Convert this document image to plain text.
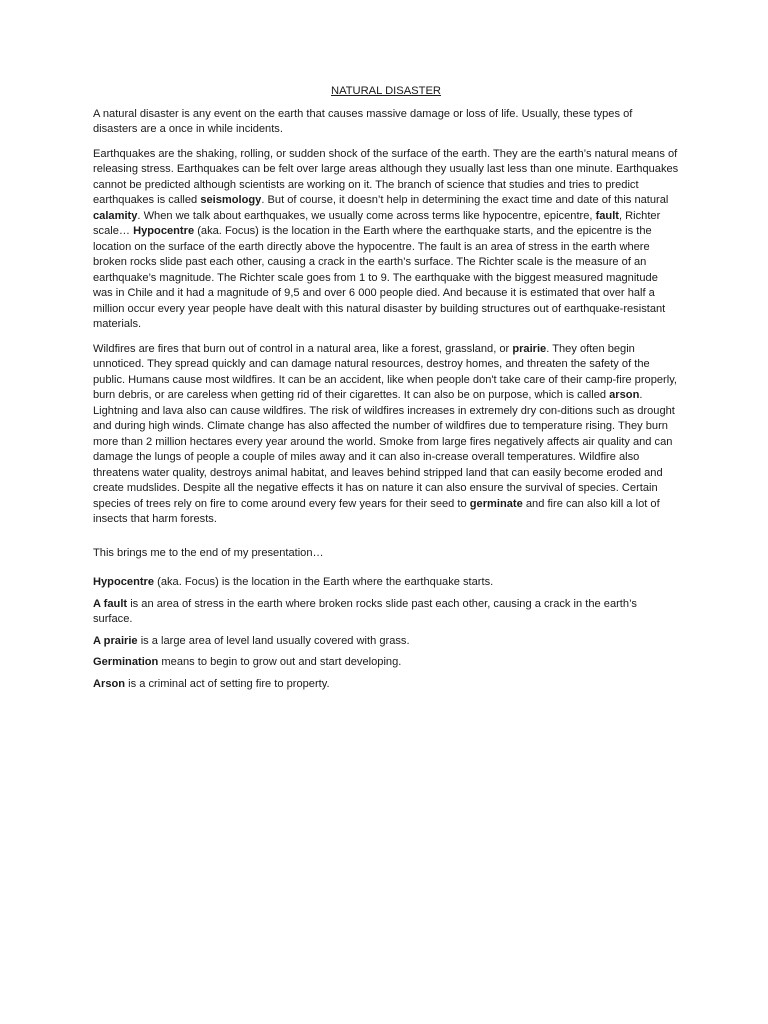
NATURAL DISASTER

A natural disaster is any event on the earth that causes massive damage or loss of life. Usually, these types of disasters are a once in while incidents.

Earthquakes are the shaking, rolling, or sudden shock of the surface of the earth. They are the earth’s natural means of releasing stress. Earthquakes can be felt over large areas although they usually last less than one minute. Earthquakes cannot be predicted although scientists are working on it. The branch of science that studies and tries to predict earthquakes is called seismology. But of course, it doesn’t help in determining the exact time and date of this natural calamity. When we talk about earthquakes, we usually come across terms like hypocentre, epicentre, fault, Richter scale… Hypocentre (aka. Focus) is the location in the Earth where the earthquake starts, and the epicentre is the location on the surface of the earth directly above the hypocentre. The fault is an area of stress in the earth where broken rocks slide past each other, causing a crack in the earth’s surface. The Richter scale is the measure of an earthquake’s magnitude. The Richter scale goes from 1 to 9. The earthquake with the biggest measured magnitude was in Chile and it had a magnitude of 9,5 and over 6 000 people died. And because it is estimated that over half a million occur every year people have dealt with this natural disaster by building structures out of earthquake-resistant materials.

Wildfires are fires that burn out of control in a natural area, like a forest, grassland, or prairie. They often begin unnoticed. They spread quickly and can damage natural resources, destroy homes, and threaten the safety of the public. Humans cause most wildfires. It can be an accident, like when people don't take care of their camp-fire properly, burn debris, or are careless when getting rid of their cigarettes. It can also be on purpose, which is called arson. Lightning and lava also can cause wildfires. The risk of wildfires increases in extremely dry con-ditions such as drought and during high winds. Climate change has also affected the number of wildfires due to temperature rising. They burn more than 2 million hectares every year around the world. Smoke from large fires negatively affects air quality and can damage the lungs of people a couple of miles away and it can also in-crease overall temperatures. Wildfire also threatens water quality, destroys animal habitat, and leaves behind stripped land that can easily become eroded and create mudslides. Despite all the negative effects it has on nature it can also ensure the survival of species. Certain species of trees rely on fire to come around every few years for their seed to germinate and fire can also kill a lot of insects that harm forests.

This brings me to the end of my presentation…

Hypocentre (aka. Focus) is the location in the Earth where the earthquake starts.

A fault is an area of stress in the earth where broken rocks slide past each other, causing a crack in the earth’s surface.

A prairie is a large area of level land usually covered with grass.

Germination means to begin to grow out and start developing.

Arson is a criminal act of setting fire to property.
